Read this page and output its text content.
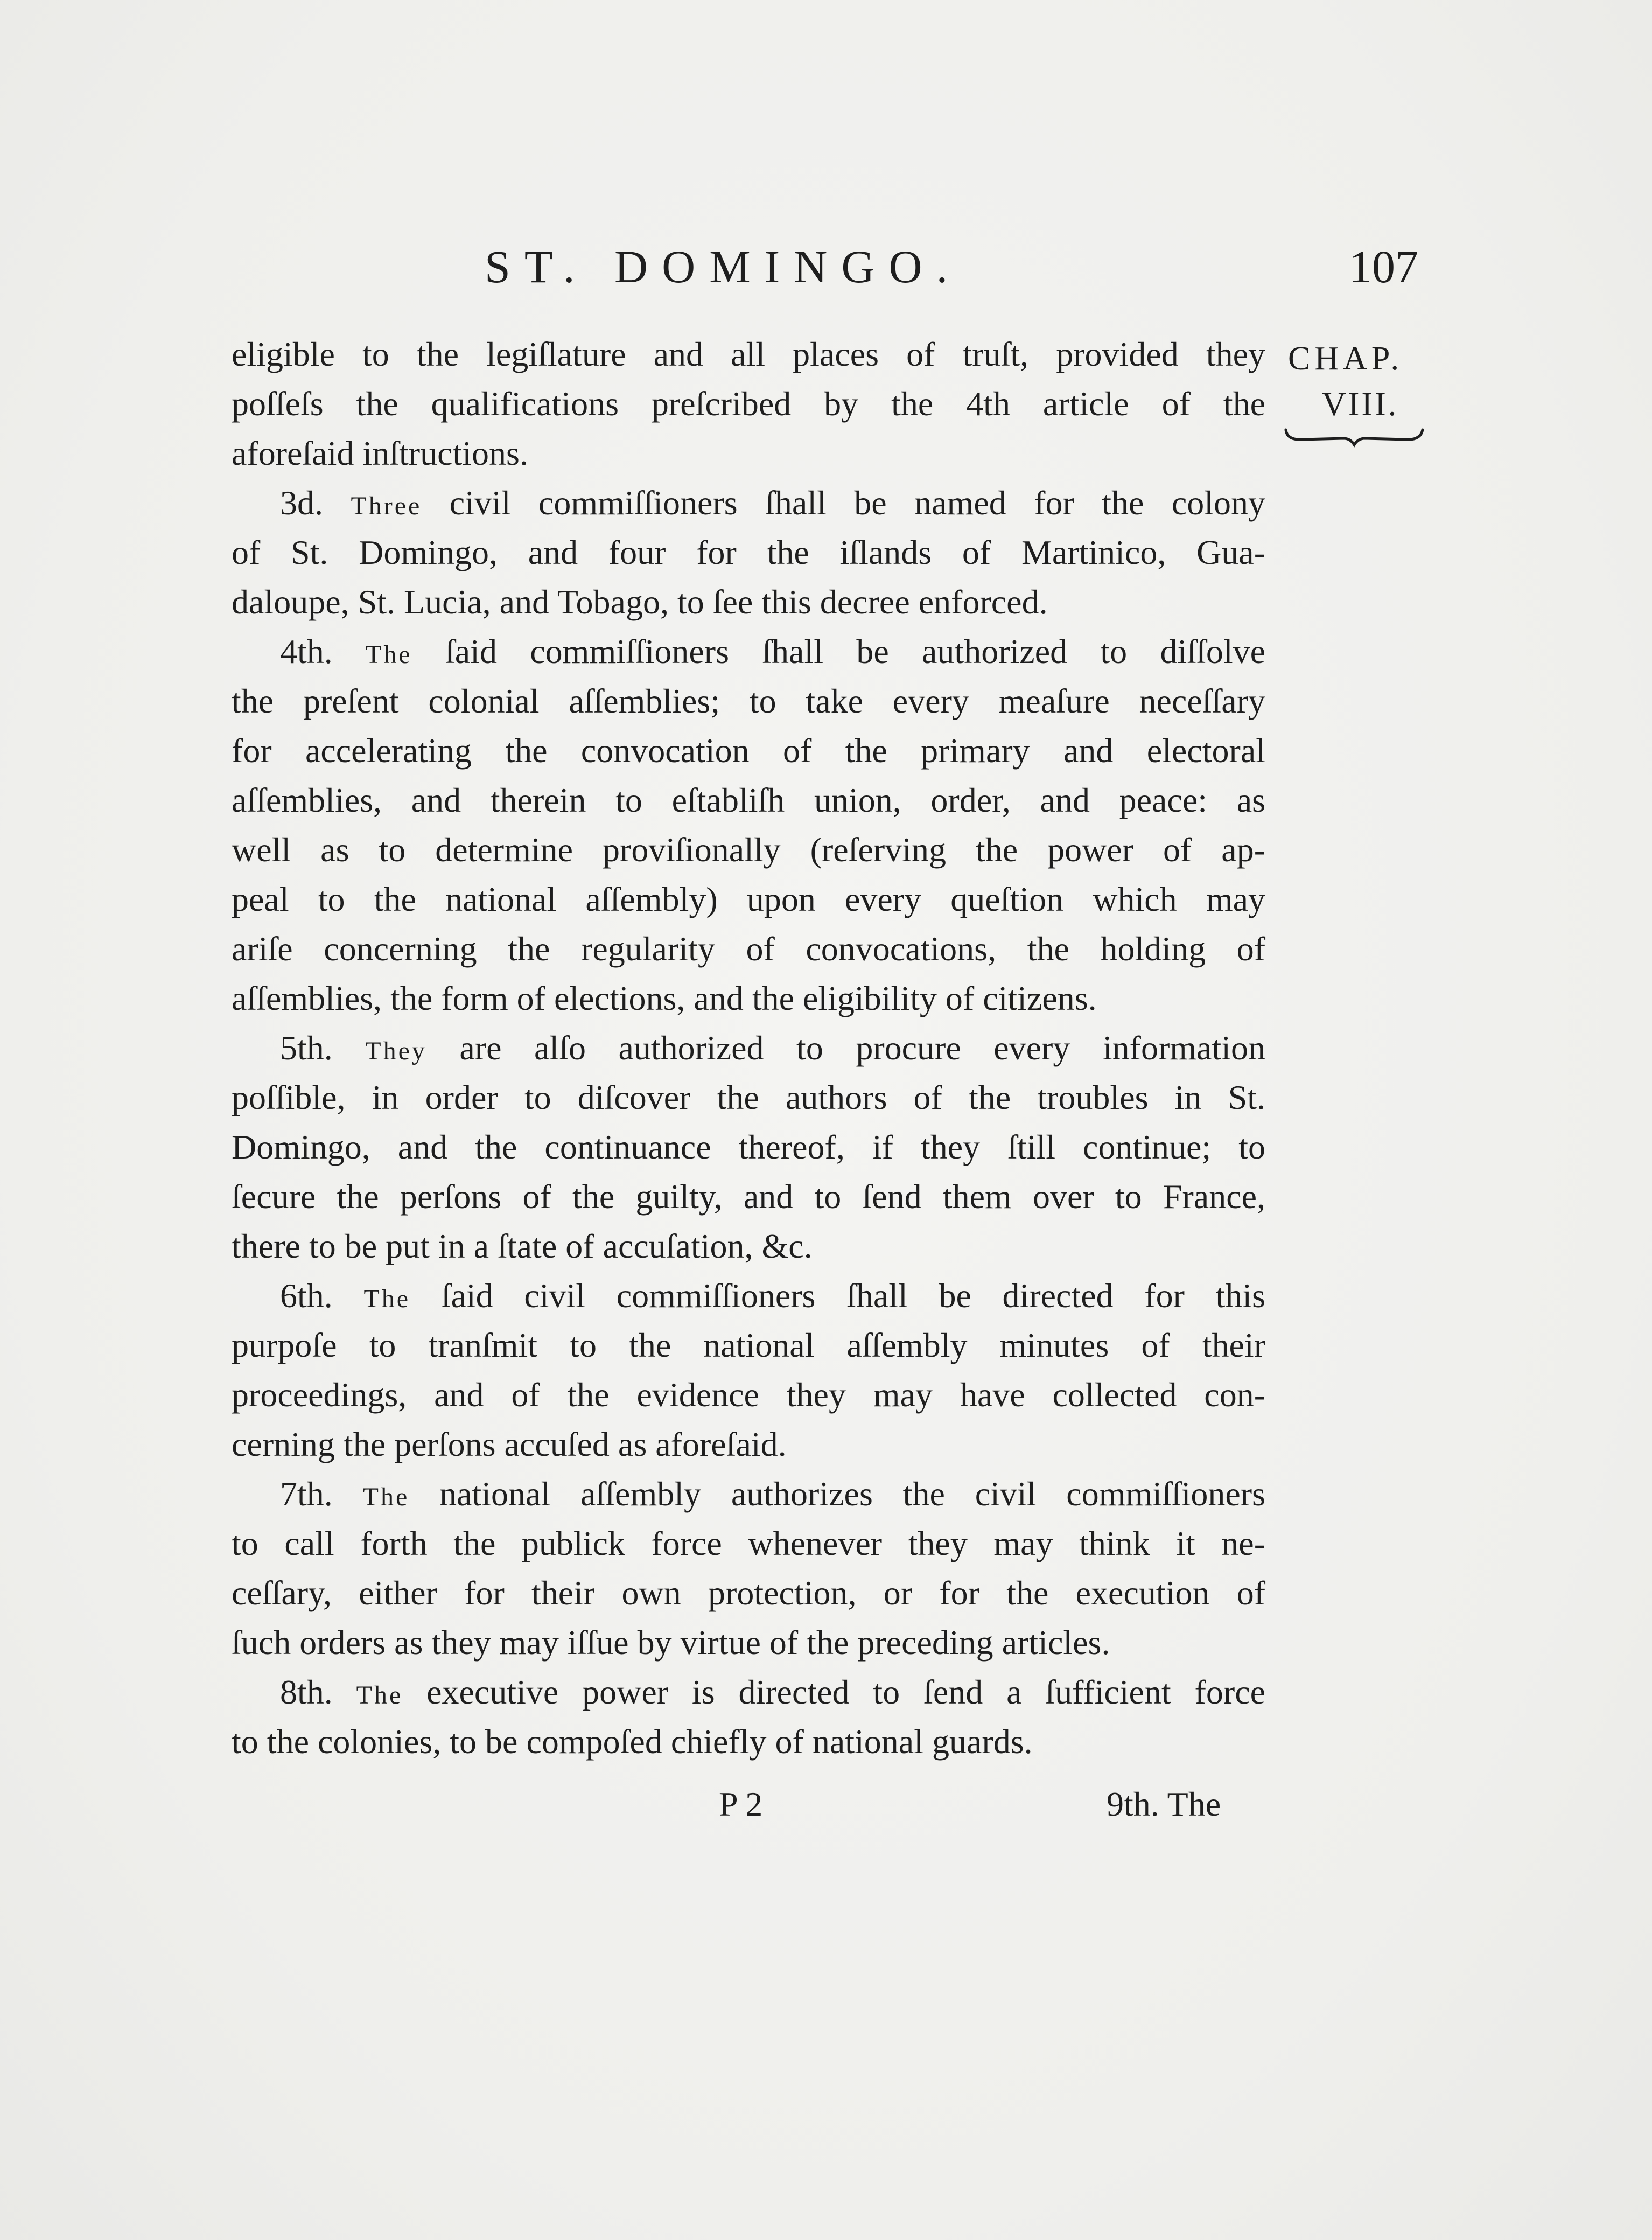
ST. DOMINGO.	107
CHAP.
VIII.
eligible to the legiſlature and all places of truſt, provided they
poſſeſs the qualifications preſcribed by the 4th article of the
aforeſaid inſtructions.
3d. Three civil commiſſioners ſhall be named for the colony
of St. Domingo, and four for the iſlands of Martinico, Gua-
daloupe, St. Lucia, and Tobago, to ſee this decree enforced.
4th. The ſaid commiſſioners ſhall be authorized to diſſolve
the preſent colonial aſſemblies; to take every meaſure neceſſary
for accelerating the convocation of the primary and electoral
aſſemblies, and therein to eſtabliſh union, order, and peace: as
well as to determine proviſionally (reſerving the power of ap-
peal to the national aſſembly) upon every queſtion which may
ariſe concerning the regularity of convocations, the holding of
aſſemblies, the form of elections, and the eligibility of citizens.
5th. They are alſo authorized to procure every information
poſſible, in order to diſcover the authors of the troubles in St.
Domingo, and the continuance thereof, if they ſtill continue; to
ſecure the perſons of the guilty, and to ſend them over to France,
there to be put in a ſtate of accuſation, &c.
6th. The ſaid civil commiſſioners ſhall be directed for this
purpoſe to tranſmit to the national aſſembly minutes of their
proceedings, and of the evidence they may have collected con-
cerning the perſons accuſed as aforeſaid.
7th. The national aſſembly authorizes the civil commiſſioners
to call forth the publick force whenever they may think it ne-
ceſſary, either for their own protection, or for the execution of
ſuch orders as they may iſſue by virtue of the preceding articles.
8th. The executive power is directed to ſend a ſufficient force
to the colonies, to be compoſed chiefly of national guards.
P 2	9th. The
